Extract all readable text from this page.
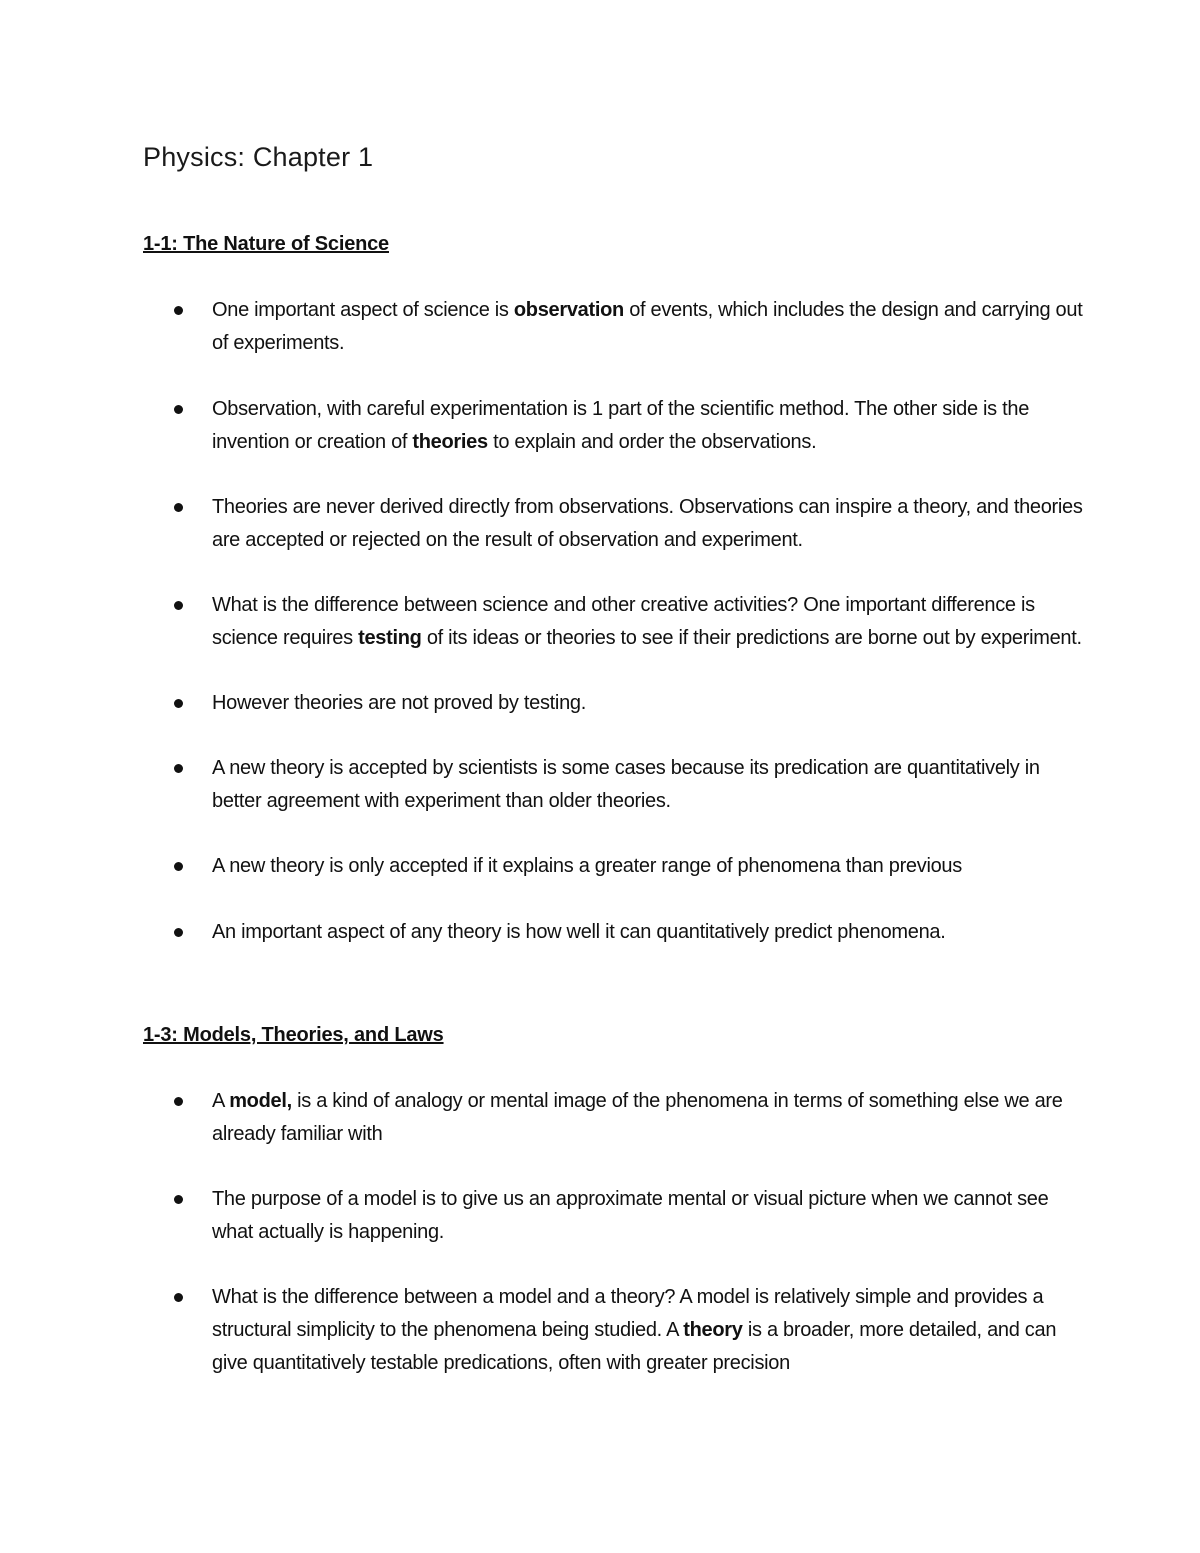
Physics: Chapter 1
1-1: The Nature of Science
One important aspect of science is observation of events, which includes the design and carrying out of experiments.
Observation, with careful experimentation is 1 part of the scientific method. The other side is the invention or creation of theories to explain and order the observations.
Theories are never derived directly from observations. Observations can inspire a theory, and theories are accepted or rejected on the result of observation and experiment.
What is the difference between science and other creative activities? One important difference is science requires testing of its ideas or theories to see if their predictions are borne out by experiment.
However theories are not proved by testing.
A new theory is accepted by scientists is some cases because its predication are quantitatively in better agreement with experiment than older theories.
A new theory is only accepted if it explains a greater range of phenomena than previous
An important aspect of any theory is how well it can quantitatively predict phenomena.
1-3: Models, Theories, and Laws
A model, is a kind of analogy or mental image of the phenomena in terms of something else we are already familiar with
The purpose of a model is to give us an approximate mental or visual picture when we cannot see what actually is happening.
What is the difference between a model and a theory? A model is relatively simple and provides a structural simplicity to the phenomena being studied. A theory is a broader, more detailed, and can give quantitatively testable predications, often with greater precision
